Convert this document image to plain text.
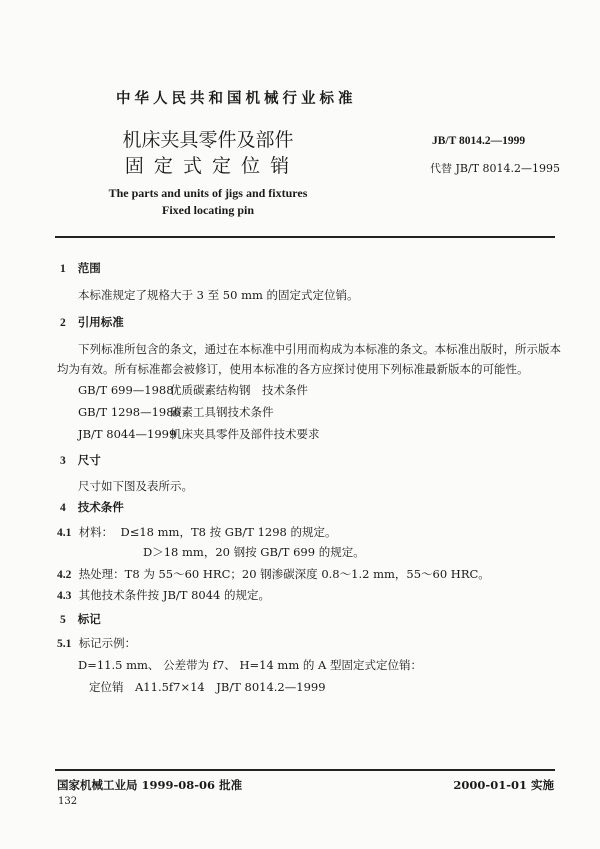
中华人民共和国机械行业标准
机床夹具零件及部件
固 定 式 定 位 销
JB/T 8014.2—1999
代替 JB/T 8014.2—1995
The parts and units of jigs and fixtures
Fixed locating pin
1 范围
本标准规定了规格大于 3 至 50 mm 的固定式定位销。
2 引用标准
下列标准所包含的条文，通过在本标准中引用而构成为本标准的条文。本标准出版时，所示版本
均为有效。所有标准都会被修订，使用本标准的各方应探讨使用下列标准最新版本的可能性。
GB/T 699—1988
优质碳素结构钢　技术条件
GB/T 1298—1986
碳素工具钢技术条件
JB/T 8044—1999
机床夹具零件及部件技术要求
3 尺寸
尺寸如下图及表所示。
4 技术条件
4.1 材料： D≤18 mm，T8 按 GB/T 1298 的规定。
D＞18 mm，20 钢按 GB/T 699 的规定。
4.2 热处理：T8 为 55～60 HRC；20 钢渗碳深度 0.8～1.2 mm，55～60 HRC。
4.3 其他技术条件按 JB/T 8044 的规定。
5 标记
5.1 标记示例：
D=11.5 mm、 公差带为 f7、 H=14 mm 的 A 型固定式定位销：
定位销　A11.5f7×14　JB/T 8014.2—1999
国家机械工业局 1999-08-06 批准	2000-01-01 实施
132
